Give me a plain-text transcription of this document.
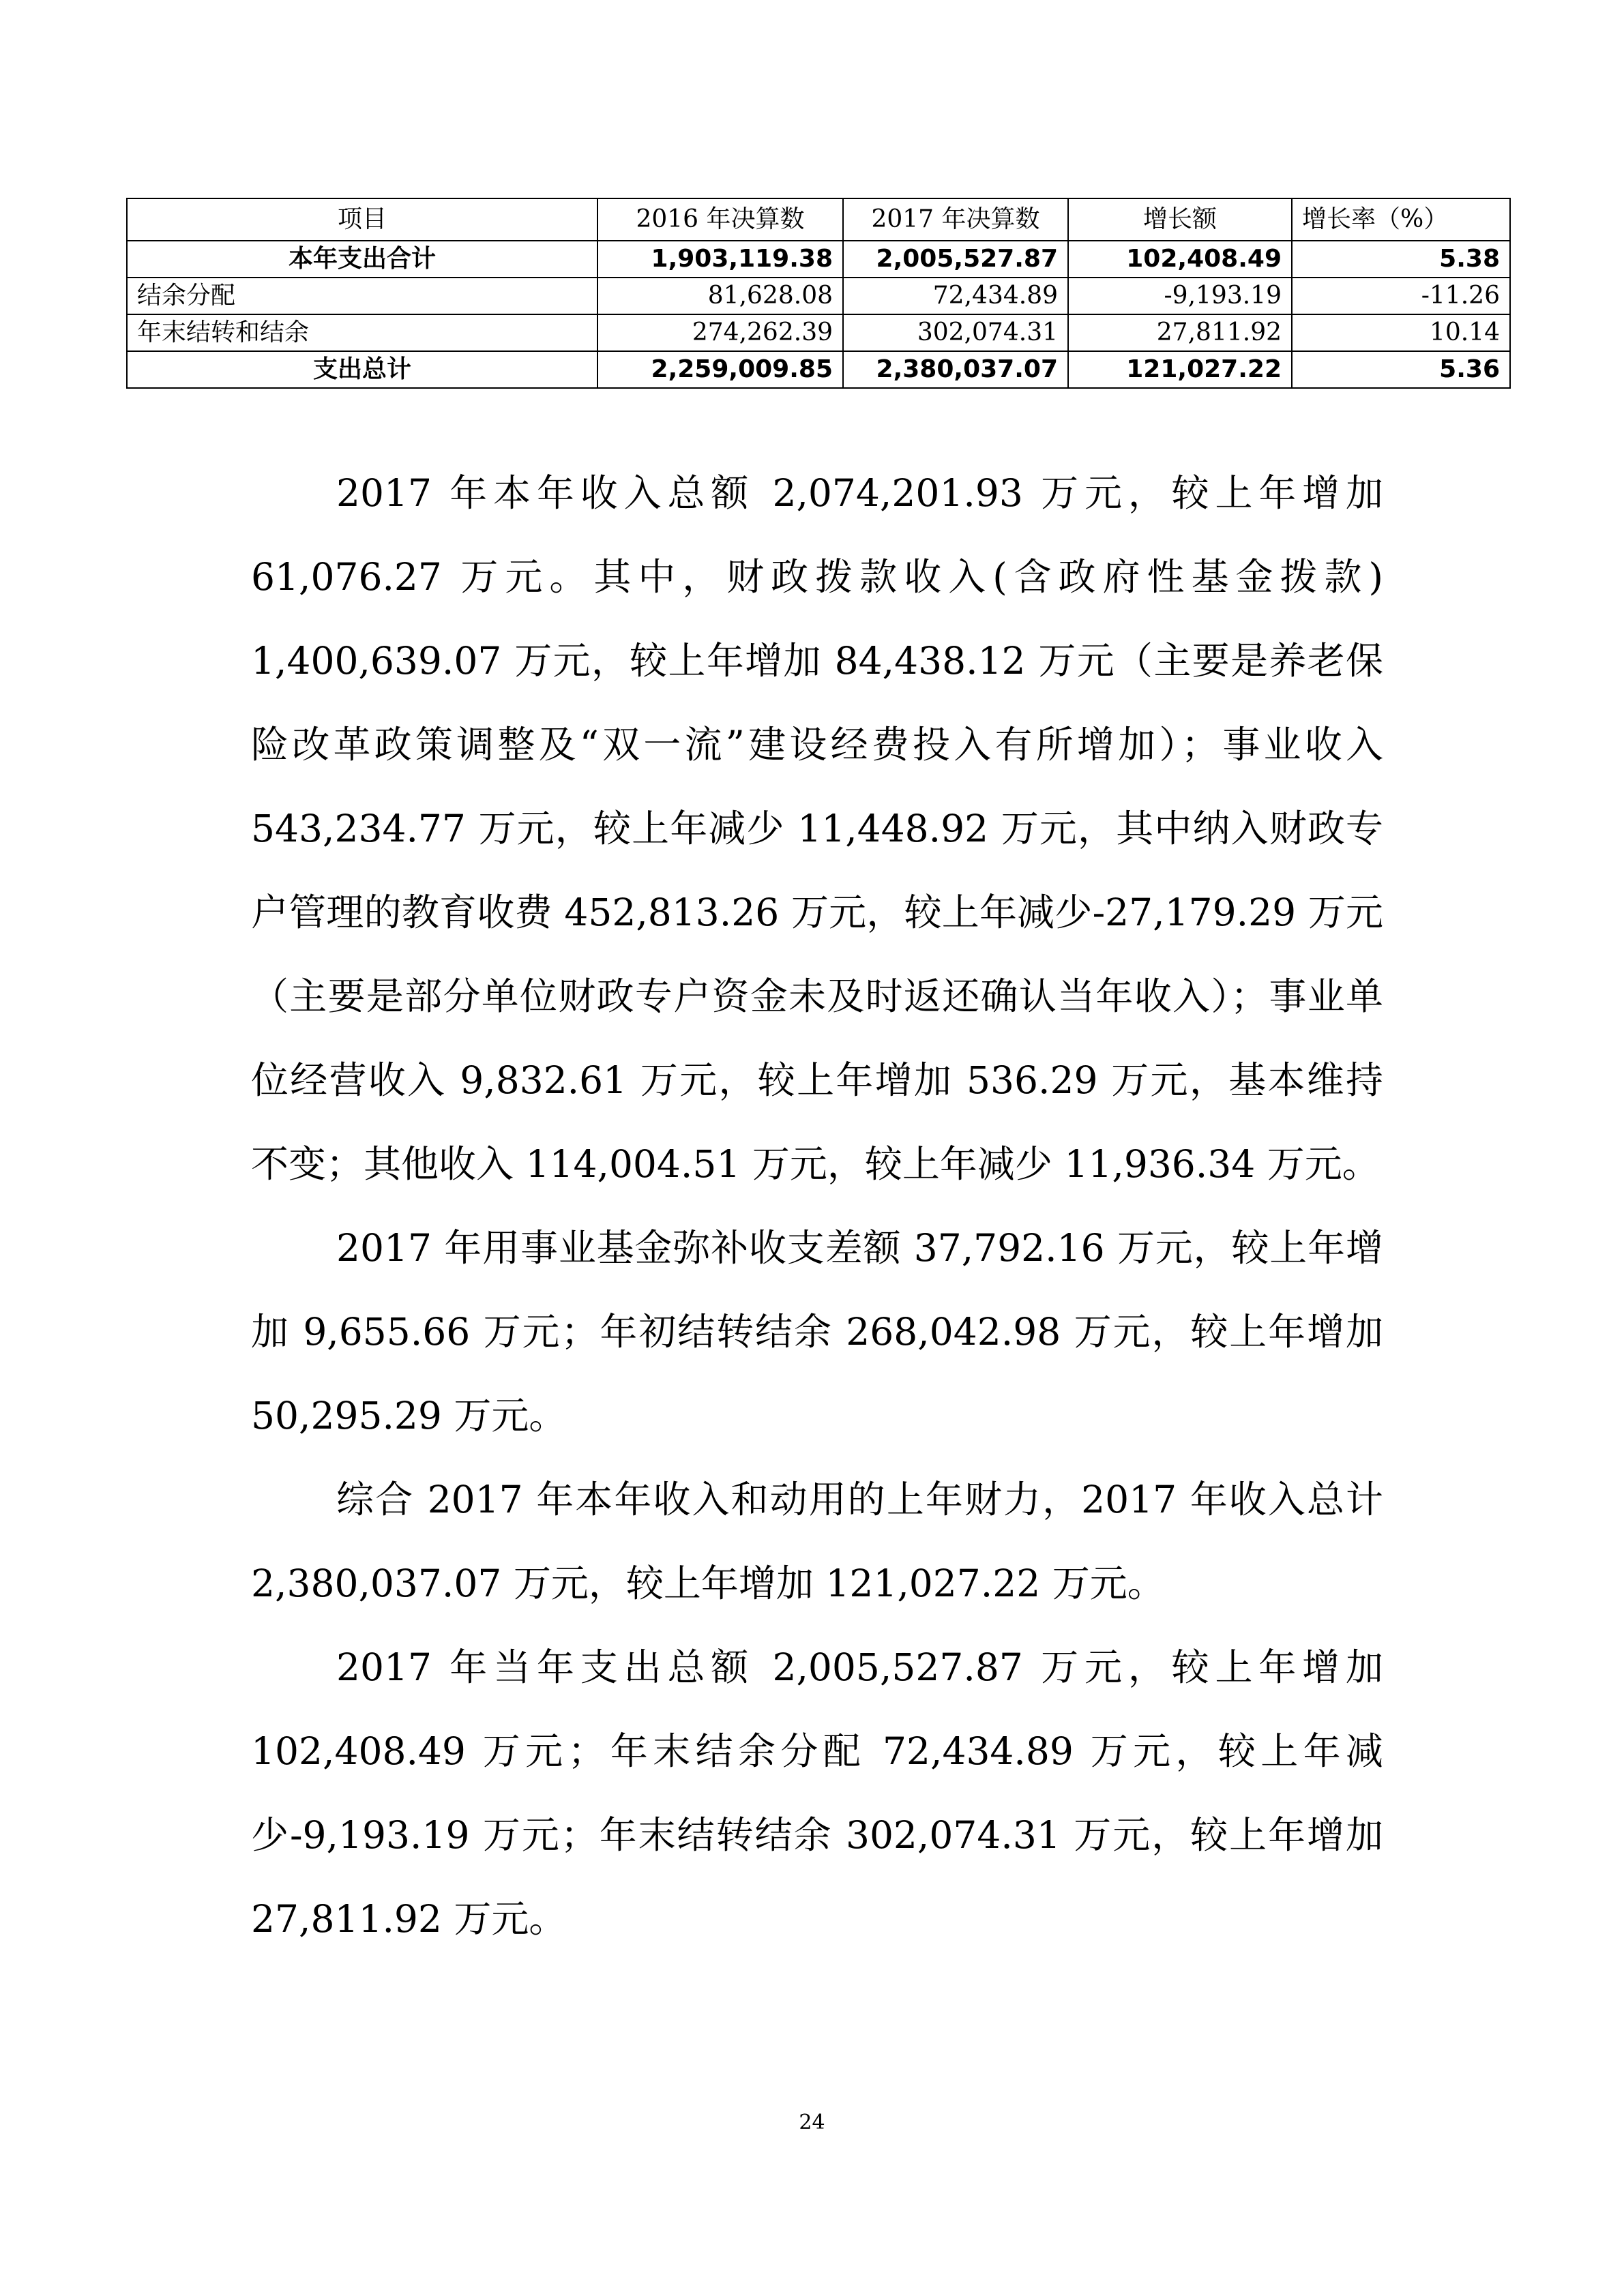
项目	2016 年决算数	2017 年决算数	增长额	增长率（%）
本年支出合计	1,903,119.38	2,005,527.87	102,408.49	5.38
结余分配	81,628.08	72,434.89	-9,193.19	-11.26
年末结转和结余	274,262.39	302,074.31	27,811.92	10.14
支出总计	2,259,009.85	2,380,037.07	121,027.22	5.36

2017 年本年收入总额 2,074,201.93 万元，较上年增加 61,076.27 万元。其中，财政拨款收入(含政府性基金拨款) 1,400,639.07 万元，较上年增加 84,438.12 万元（主要是养老保险改革政策调整及“双一流”建设经费投入有所增加）；事业收入 543,234.77 万元，较上年减少 11,448.92 万元，其中纳入财政专户管理的教育收费 452,813.26 万元，较上年减少-27,179.29 万元（主要是部分单位财政专户资金未及时返还确认当年收入）；事业单位经营收入 9,832.61 万元，较上年增加 536.29 万元，基本维持不变；其他收入 114,004.51 万元，较上年减少 11,936.34 万元。

2017 年用事业基金弥补收支差额 37,792.16 万元，较上年增加 9,655.66 万元；年初结转结余 268,042.98 万元，较上年增加 50,295.29 万元。

综合 2017 年本年收入和动用的上年财力，2017 年收入总计 2,380,037.07 万元，较上年增加 121,027.22 万元。

2017 年当年支出总额 2,005,527.87 万元，较上年增加 102,408.49 万元；年末结余分配 72,434.89 万元，较上年减少-9,193.19 万元；年末结转结余 302,074.31 万元，较上年增加 27,811.92 万元。

24
